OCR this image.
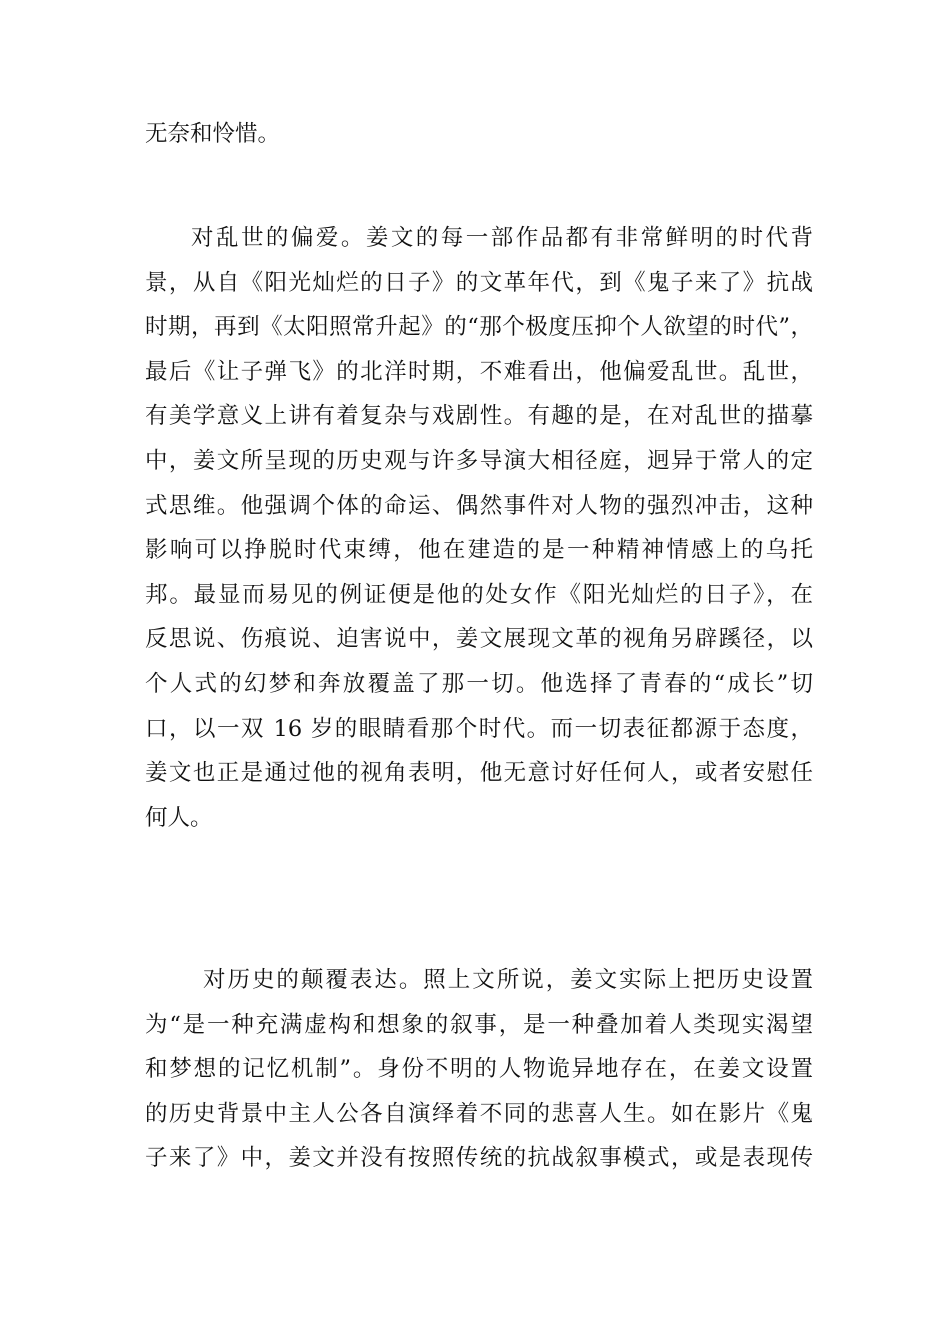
无奈和怜惜。
对乱世的偏爱。姜文的每一部作品都有非常鲜明的时代背
景，从自《阳光灿烂的日子》的文革年代，到《鬼子来了》抗战
时期，再到《太阳照常升起》的“那个极度压抑个人欲望的时代”，
最后《让子弹飞》的北洋时期，不难看出，他偏爱乱世。乱世，
有美学意义上讲有着复杂与戏剧性。有趣的是，在对乱世的描摹
中，姜文所呈现的历史观与许多导演大相径庭，迥异于常人的定
式思维。他强调个体的命运、偶然事件对人物的强烈冲击，这种
影响可以挣脱时代束缚，他在建造的是一种精神情感上的乌托
邦。最显而易见的例证便是他的处女作《阳光灿烂的日子》，在
反思说、伤痕说、迫害说中，姜文展现文革的视角另辟蹊径，以
个人式的幻梦和奔放覆盖了那一切。他选择了青春的“成长”切
口，以一双 16 岁的眼睛看那个时代。而一切表征都源于态度，
姜文也正是通过他的视角表明，他无意讨好任何人，或者安慰任
何人。
对历史的颠覆表达。照上文所说，姜文实际上把历史设置
为“是一种充满虚构和想象的叙事，是一种叠加着人类现实渴望
和梦想的记忆机制”。身份不明的人物诡异地存在，在姜文设置
的历史背景中主人公各自演绎着不同的悲喜人生。如在影片《鬼
子来了》中，姜文并没有按照传统的抗战叙事模式，或是表现传
